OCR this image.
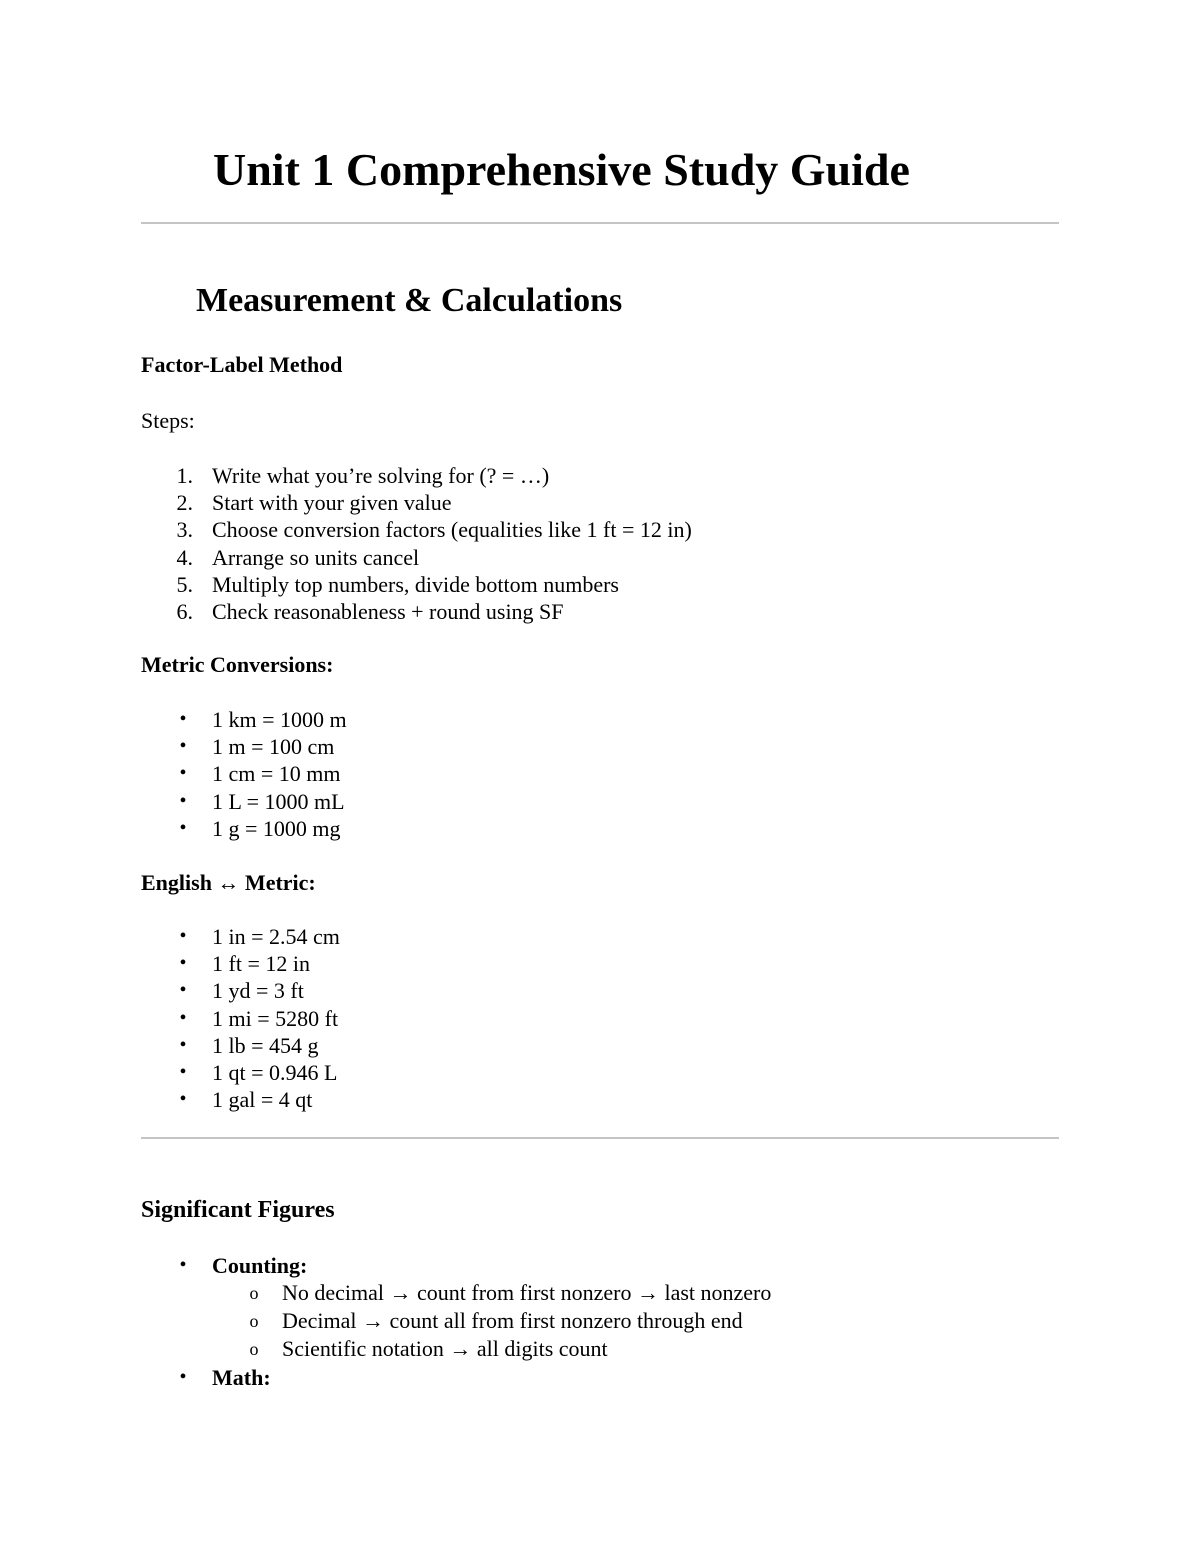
Unit 1 Comprehensive Study Guide
Measurement & Calculations
Factor-Label Method

Steps:

1. Write what you’re solving for (? = …)
2. Start with your given value
3. Choose conversion factors (equalities like 1 ft = 12 in)
4. Arrange so units cancel
5. Multiply top numbers, divide bottom numbers
6. Check reasonableness + round using SF
Metric Conversions:
• 1 km = 1000 m
• 1 m = 100 cm
• 1 cm = 10 mm
• 1 L = 1000 mL
• 1 g = 1000 mg
English ↔ Metric:
• 1 in = 2.54 cm
• 1 ft = 12 in
• 1 yd = 3 ft
• 1 mi = 5280 ft
• 1 lb = 454 g
• 1 qt = 0.946 L
• 1 gal = 4 qt
Significant Figures
• Counting:
o No decimal → count from first nonzero → last nonzero
o Decimal → count all from first nonzero through end
o Scientific notation → all digits count
• Math:
